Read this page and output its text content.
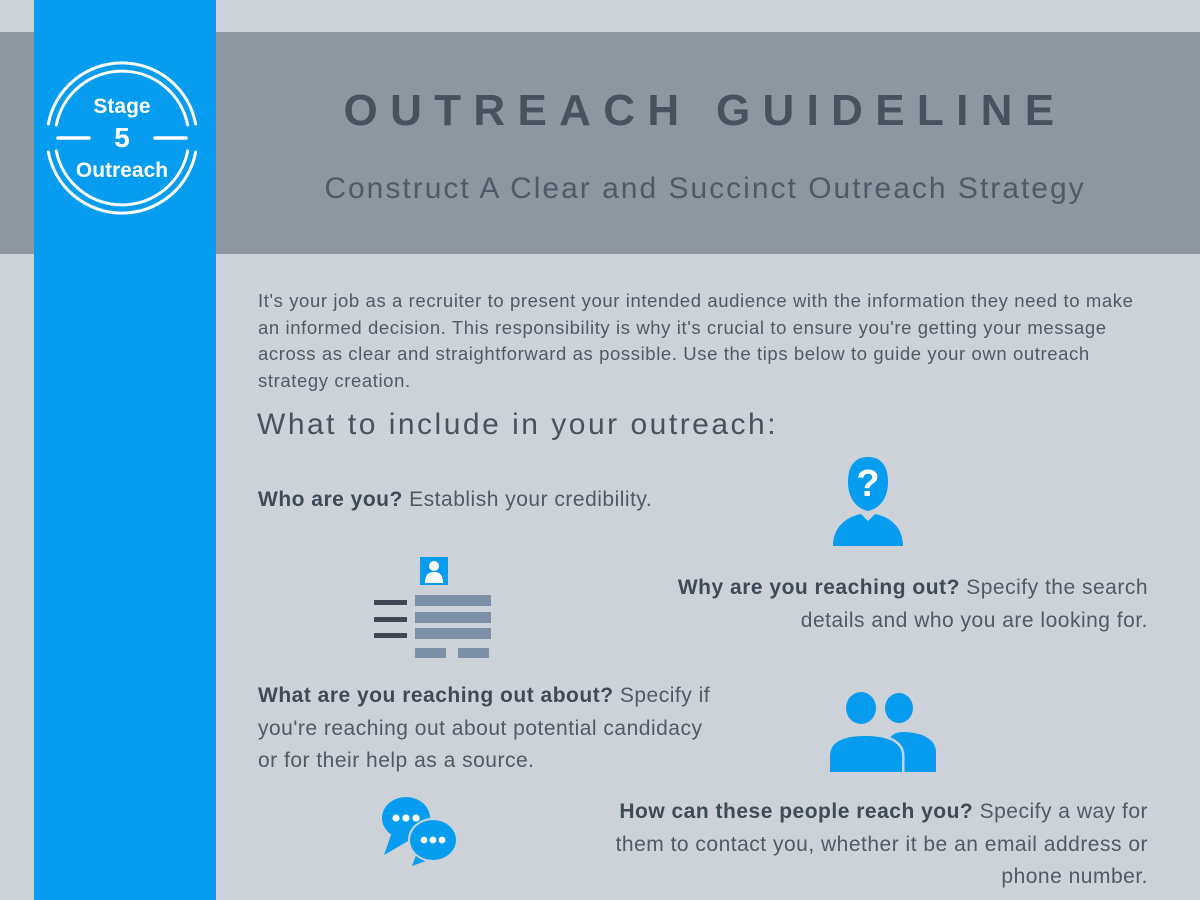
Stage
5
Outreach
OUTREACH GUIDELINE
Construct A Clear and Succinct Outreach Strategy

It's your job as a recruiter to present your intended audience with the information they need to make an informed decision. This responsibility is why it's crucial to ensure you're getting your message across as clear and straightforward as possible. Use the tips below to guide your own outreach strategy creation.

What to include in your outreach:
Who are you? Establish your credibility.	?
Why are you reaching out? Specify the search details and who you are looking for.
What are you reaching out about? Specify if you're reaching out about potential candidacy or for their help as a source.
How can these people reach you? Specify a way for them to contact you, whether it be an email address or phone number.
